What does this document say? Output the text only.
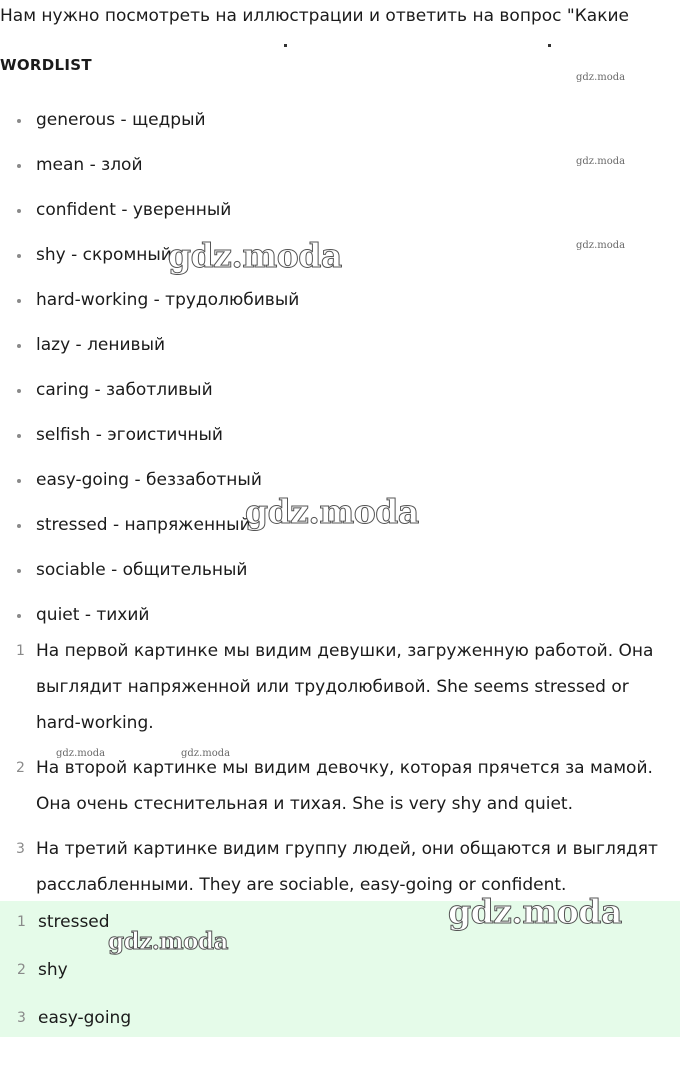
Нам нужно посмотреть на иллюстрации и ответить на вопрос "Какие
WORDLIST
generous - щедрый
mean - злой
confident - уверенный
shy - скромный
hard-working - трудолюбивый
lazy - ленивый
caring - заботливый
selfish - эгоистичный
easy-going - беззаботный
stressed - напряженный
sociable - общительный
quiet - тихий
1 На первой картинке мы видим девушки, загруженную работой. Она выглядит напряженной или трудолюбивой. She seems stressed or hard-working.
2 На второй картинке мы видим девочку, которая прячется за мамой. Она очень стеснительная и тихая. She is very shy and quiet.
3 На третий картинке видим группу людей, они общаются и выглядят расслабленными. They are sociable, easy-going or confident.
1 stressed
2 shy
3 easy-going
gdz.moda
gdz.moda
gdz.moda
gdz.moda
gdz.moda
gdz.moda	gdz.moda
gdz.moda
gdz.moda
